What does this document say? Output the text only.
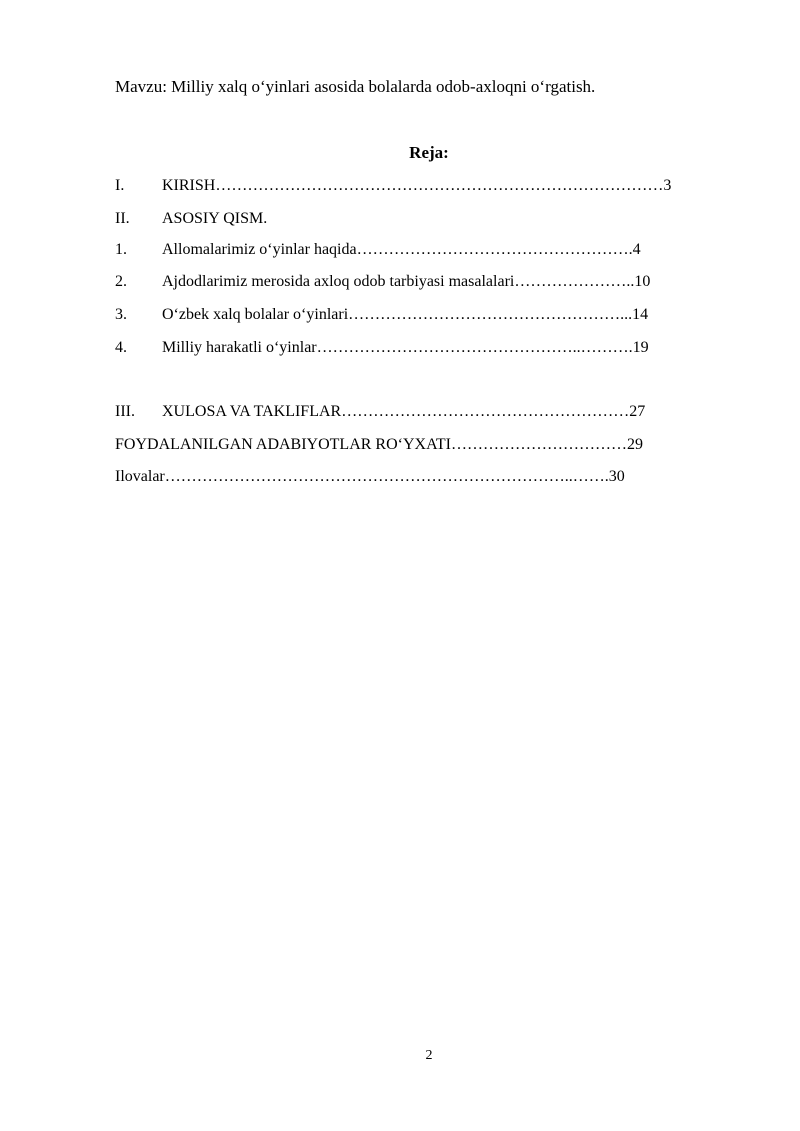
Mavzu: Milliy xalq o‘yinlari asosida bolalarda odob-axloqni o‘rgatish.
Reja:
I. KIRISH…………………………………………………………………………3
II. ASOSIY QISM.
1. Allomalarimiz o‘yinlar haqida…………………………………………….4
2. Ajdodlarimiz merosida axloq odob tarbiyasi masalalari…………………..10
3. O‘zbek xalq bolalar o‘yinlari……………………………………………...14
4. Milliy harakatli o‘yinlar…………………………………………..……….19
III. XULOSA VA TAKLIFLAR………………………………………………27
FOYDALANILGAN ADABIYOTLAR RO‘YXATI……………………………29
Ilovalar…………………………………………………………………..…….30
2
